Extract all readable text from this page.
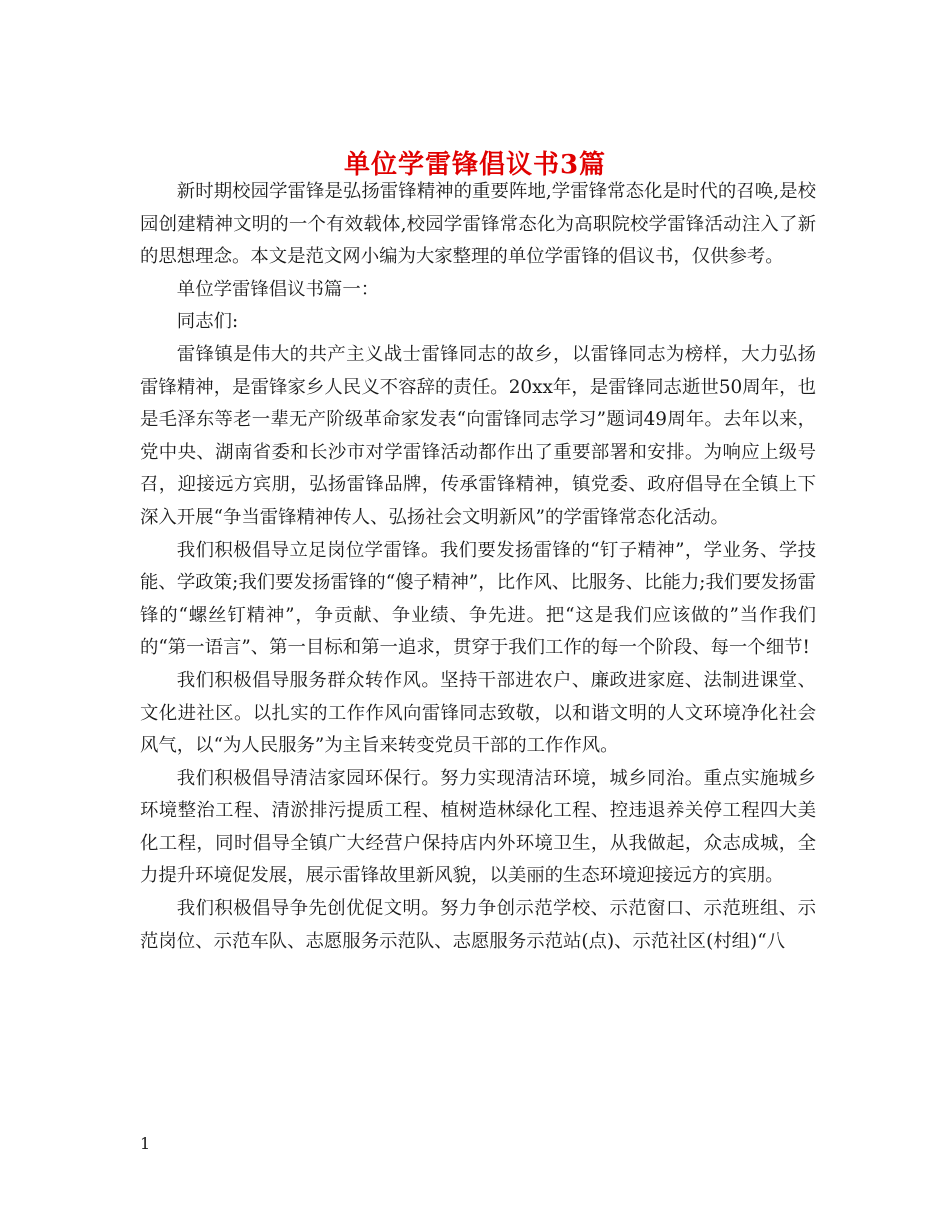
单位学雷锋倡议书3篇

新时期校园学雷锋是弘扬雷锋精神的重要阵地,学雷锋常态化是时代的召唤,是校园创建精神文明的一个有效载体,校园学雷锋常态化为高职院校学雷锋活动注入了新的思想理念。本文是范文网小编为大家整理的单位学雷锋的倡议书，仅供参考。

单位学雷锋倡议书篇一：

同志们:

雷锋镇是伟大的共产主义战士雷锋同志的故乡，以雷锋同志为榜样，大力弘扬雷锋精神，是雷锋家乡人民义不容辞的责任。20xx年，是雷锋同志逝世50周年，也是毛泽东等老一辈无产阶级革命家发表“向雷锋同志学习”题词49周年。去年以来，党中央、湖南省委和长沙市对学雷锋活动都作出了重要部署和安排。为响应上级号召，迎接远方宾朋，弘扬雷锋品牌，传承雷锋精神，镇党委、政府倡导在全镇上下深入开展“争当雷锋精神传人、弘扬社会文明新风”的学雷锋常态化活动。

我们积极倡导立足岗位学雷锋。我们要发扬雷锋的“钉子精神”，学业务、学技能、学政策;我们要发扬雷锋的“傻子精神”，比作风、比服务、比能力;我们要发扬雷锋的“螺丝钉精神”，争贡献、争业绩、争先进。把“这是我们应该做的”当作我们的“第一语言”、第一目标和第一追求，贯穿于我们工作的每一个阶段、每一个细节!

我们积极倡导服务群众转作风。坚持干部进农户、廉政进家庭、法制进课堂、文化进社区。以扎实的工作作风向雷锋同志致敬，以和谐文明的人文环境净化社会风气，以“为人民服务”为主旨来转变党员干部的工作作风。

我们积极倡导清洁家园环保行。努力实现清洁环境，城乡同治。重点实施城乡环境整治工程、清淤排污提质工程、植树造林绿化工程、控违退养关停工程四大美化工程，同时倡导全镇广大经营户保持店内外环境卫生，从我做起，众志成城，全力提升环境促发展，展示雷锋故里新风貌，以美丽的生态环境迎接远方的宾朋。

我们积极倡导争先创优促文明。努力争创示范学校、示范窗口、示范班组、示范岗位、示范车队、志愿服务示范队、志愿服务示范站(点)、示范社区(村组)“八

1
